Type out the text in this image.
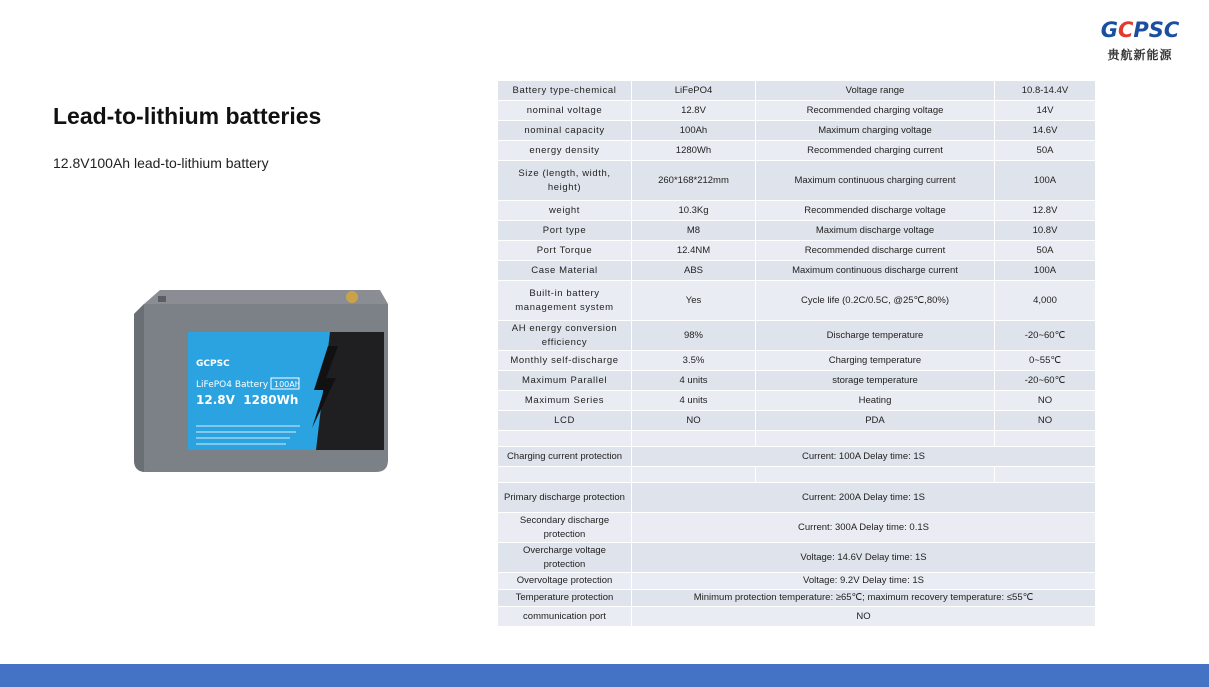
GCPSC
贵航新能源
Lead-to-lithium batteries
12.8V100Ah lead-to-lithium battery
GCPSC
LiFePO4 Battery 100Ah
12.8V  1280Wh
Battery type-chemical	LiFePO4	Voltage range	10.8-14.4V
nominal voltage	12.8V	Recommended charging voltage	14V
nominal capacity	100Ah	Maximum charging voltage	14.6V
energy density	1280Wh	Recommended charging current	50A
Size (length, width, height)	260*168*212mm	Maximum continuous charging current	100A
weight	10.3Kg	Recommended discharge voltage	12.8V
Port type	M8	Maximum discharge voltage	10.8V
Port Torque	12.4NM	Recommended discharge current	50A
Case Material	ABS	Maximum continuous discharge current	100A
Built-in battery management system	Yes	Cycle life (0.2C/0.5C, @25℃,80%)	4,000
AH energy conversion efficiency	98%	Discharge temperature	-20~60℃
Monthly self-discharge	3.5%	Charging temperature	0~55℃
Maximum Parallel	4 units	storage temperature	-20~60℃
Maximum Series	4 units	Heating	NO
LCD	NO	PDA	NO

Charging current protection	Current: 100A Delay time: 1S		

Primary discharge protection	Current: 200A Delay time: 1S		
Secondary discharge protection	Current: 300A Delay time: 0.1S		
Overcharge voltage protection	Voltage: 14.6V Delay time: 1S		
Overvoltage protection	Voltage: 9.2V Delay time: 1S		
Temperature protection	Minimum protection temperature: ≥65℃; maximum recovery temperature: ≤55℃		
communication port	NO		
